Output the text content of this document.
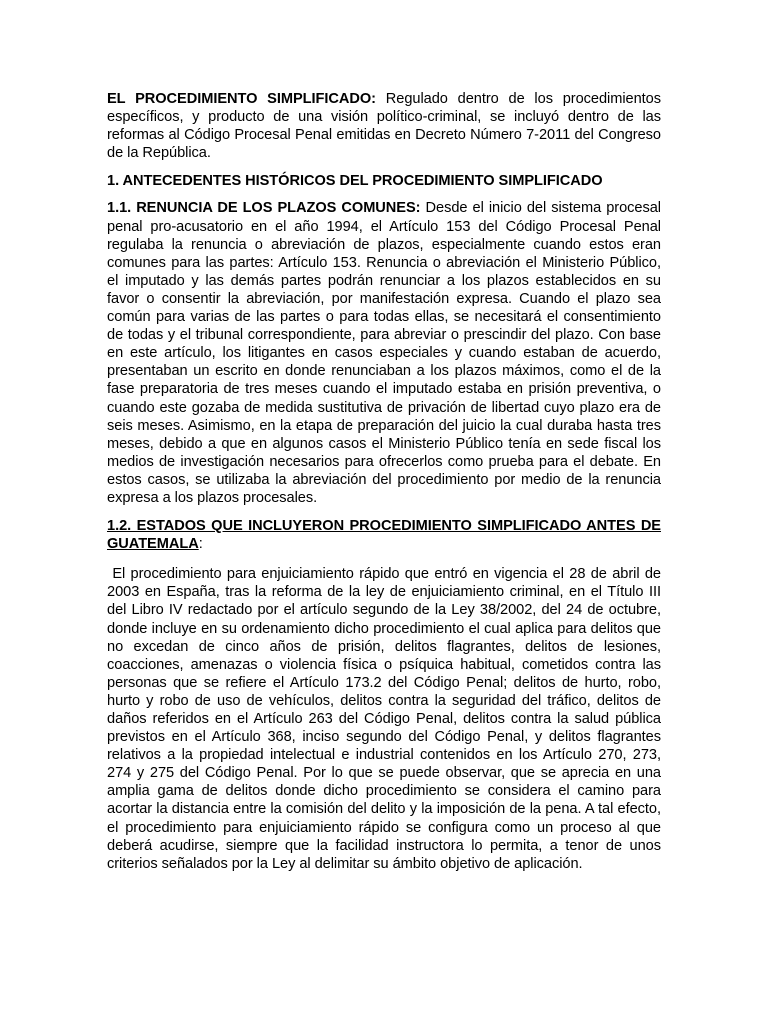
EL PROCEDIMIENTO SIMPLIFICADO: Regulado dentro de los procedimientos específicos, y producto de una visión político-criminal, se incluyó dentro de las reformas al Código Procesal Penal emitidas en Decreto Número 7-2011 del Congreso de la República.

1. ANTECEDENTES HISTÓRICOS DEL PROCEDIMIENTO SIMPLIFICADO

1.1. RENUNCIA DE LOS PLAZOS COMUNES: Desde el inicio del sistema procesal penal pro-acusatorio en el año 1994, el Artículo 153 del Código Procesal Penal regulaba la renuncia o abreviación de plazos, especialmente cuando estos eran comunes para las partes: Artículo 153. Renuncia o abreviación el Ministerio Público, el imputado y las demás partes podrán renunciar a los plazos establecidos en su favor o consentir la abreviación, por manifestación expresa. Cuando el plazo sea común para varias de las partes o para todas ellas, se necesitará el consentimiento de todas y el tribunal correspondiente, para abreviar o prescindir del plazo. Con base en este artículo, los litigantes en casos especiales y cuando estaban de acuerdo, presentaban un escrito en donde renunciaban a los plazos máximos, como el de la fase preparatoria de tres meses cuando el imputado estaba en prisión preventiva, o cuando este gozaba de medida sustitutiva de privación de libertad cuyo plazo era de seis meses. Asimismo, en la etapa de preparación del juicio la cual duraba hasta tres meses, debido a que en algunos casos el Ministerio Público tenía en sede fiscal los medios de investigación necesarios para ofrecerlos como prueba para el debate. En estos casos, se utilizaba la abreviación del procedimiento por medio de la renuncia expresa a los plazos procesales.

1.2. ESTADOS QUE INCLUYERON PROCEDIMIENTO SIMPLIFICADO ANTES DE GUATEMALA:

El procedimiento para enjuiciamiento rápido que entró en vigencia el 28 de abril de 2003 en España, tras la reforma de la ley de enjuiciamiento criminal, en el Título III del Libro IV redactado por el artículo segundo de la Ley 38/2002, del 24 de octubre, donde incluye en su ordenamiento dicho procedimiento el cual aplica para delitos que no excedan de cinco años de prisión, delitos flagrantes, delitos de lesiones, coacciones, amenazas o violencia física o psíquica habitual, cometidos contra las personas que se refiere el Artículo 173.2 del Código Penal; delitos de hurto, robo, hurto y robo de uso de vehículos, delitos contra la seguridad del tráfico, delitos de daños referidos en el Artículo 263 del Código Penal, delitos contra la salud pública previstos en el Artículo 368, inciso segundo del Código Penal, y delitos flagrantes relativos a la propiedad intelectual e industrial contenidos en los Artículo 270, 273, 274 y 275 del Código Penal. Por lo que se puede observar, que se aprecia en una amplia gama de delitos donde dicho procedimiento se considera el camino para acortar la distancia entre la comisión del delito y la imposición de la pena. A tal efecto, el procedimiento para enjuiciamiento rápido se configura como un proceso al que deberá acudirse, siempre que la facilidad instructora lo permita, a tenor de unos criterios señalados por la Ley al delimitar su ámbito objetivo de aplicación.
